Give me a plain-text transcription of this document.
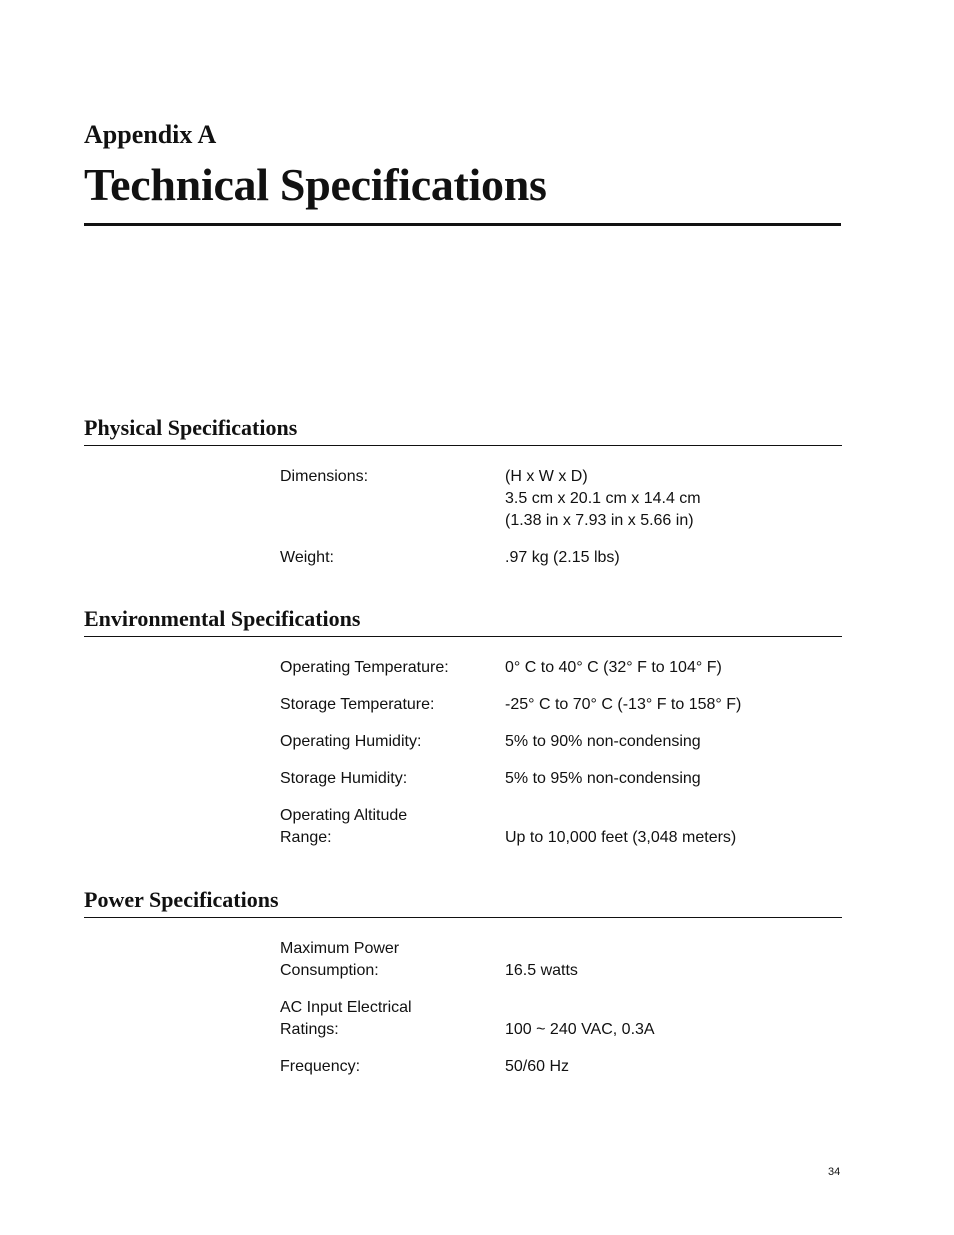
Appendix A
Technical Specifications
Physical Specifications
Dimensions:	(H x W x D)
3.5 cm x 20.1 cm x 14.4 cm
(1.38 in x 7.93 in x 5.66 in)
Weight:	.97 kg (2.15 lbs)
Environmental Specifications
Operating Temperature:	0° C to 40° C (32° F to 104° F)
Storage Temperature:	-25° C to 70° C (-13° F to 158° F)
Operating Humidity:	5% to 90% non-condensing
Storage Humidity:	5% to 95% non-condensing
Operating Altitude
Range:	Up to 10,000 feet (3,048 meters)
Power Specifications
Maximum Power
Consumption:	16.5 watts
AC Input Electrical
Ratings:	100 ~ 240 VAC, 0.3A
Frequency:	50/60 Hz
34
